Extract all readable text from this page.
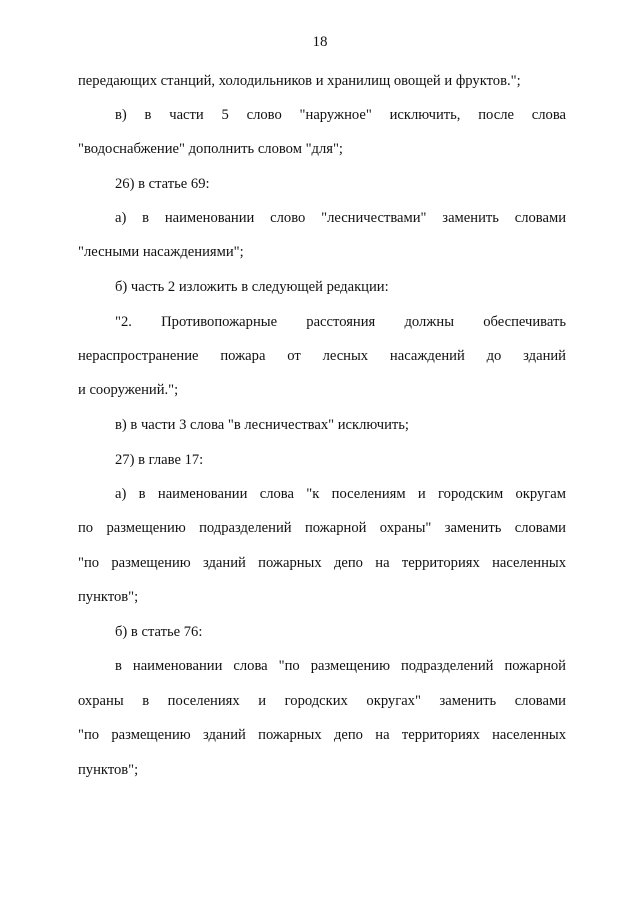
18
передающих станций, холодильников и хранилищ овощей и фруктов.";
в) в части 5 слово "наружное" исключить, после слова
"водоснабжение" дополнить словом "для";
26) в статье 69:
а) в наименовании слово "лесничествами" заменить словами
"лесными насаждениями";
б) часть 2 изложить в следующей редакции:
"2. Противопожарные расстояния должны обеспечивать
нераспространение пожара от лесных насаждений до зданий
и сооружений.";
в) в части 3 слова "в лесничествах" исключить;
27) в главе 17:
а) в наименовании слова "к поселениям и городским округам
по размещению подразделений пожарной охраны" заменить словами
"по размещению зданий пожарных депо на территориях населенных
пунктов";
б) в статье 76:
в наименовании слова "по размещению подразделений пожарной
охраны в поселениях и городских округах" заменить словами
"по размещению зданий пожарных депо на территориях населенных
пунктов";
